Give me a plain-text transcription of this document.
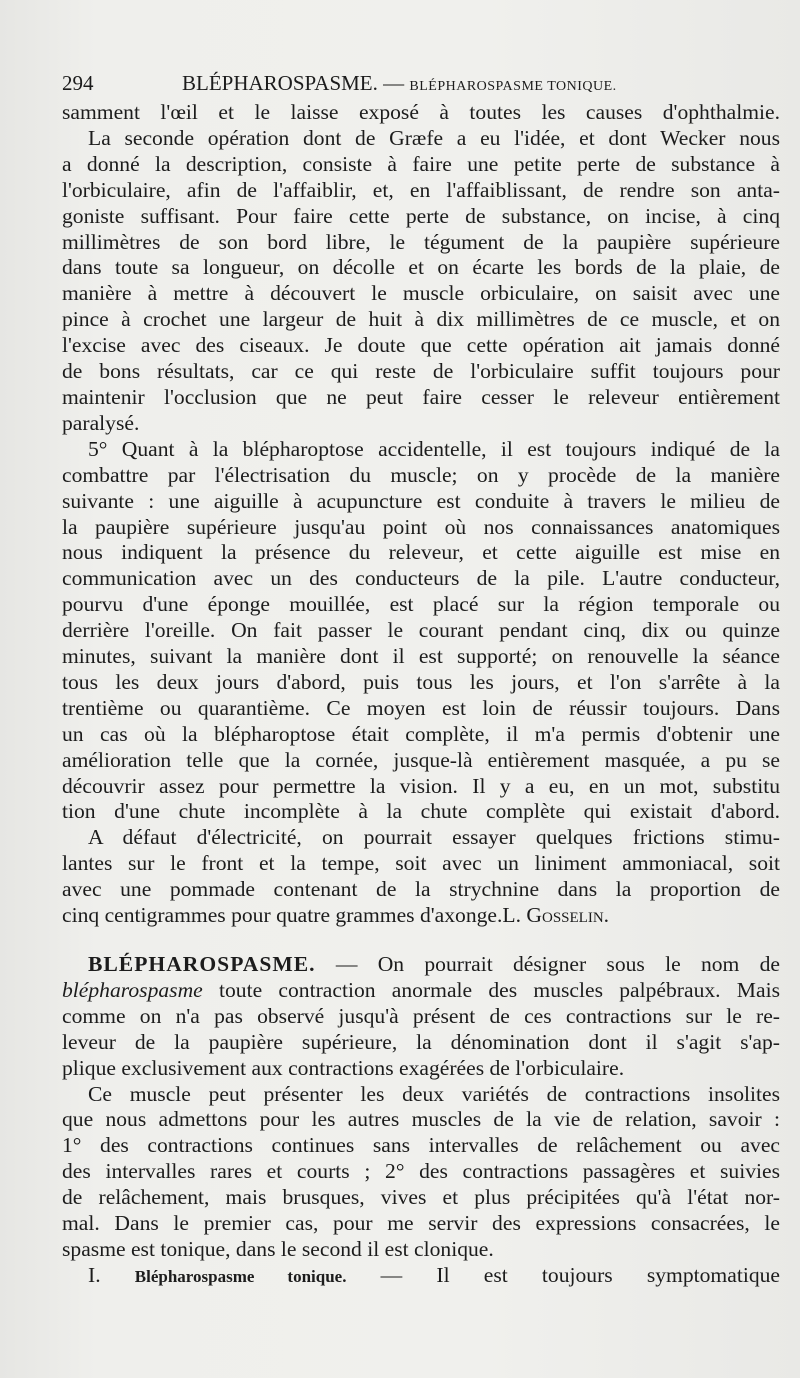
294	BLÉPHAROSPASME. — BLÉPHAROSPASME TONIQUE.
samment l'œil et le laisse exposé à toutes les causes d'ophthalmie.
La seconde opération dont de Græfe a eu l'idée, et dont Wecker nous
a donné la description, consiste à faire une petite perte de substance à
l'orbiculaire, afin de l'affaiblir, et, en l'affaiblissant, de rendre son anta-
goniste suffisant. Pour faire cette perte de substance, on incise, à cinq
millimètres de son bord libre, le tégument de la paupière supérieure
dans toute sa longueur, on décolle et on écarte les bords de la plaie, de
manière à mettre à découvert le muscle orbiculaire, on saisit avec une
pince à crochet une largeur de huit à dix millimètres de ce muscle, et on
l'excise avec des ciseaux. Je doute que cette opération ait jamais donné
de bons résultats, car ce qui reste de l'orbiculaire suffit toujours pour
maintenir l'occlusion que ne peut faire cesser le releveur entièrement
paralysé.
5° Quant à la blépharoptose accidentelle, il est toujours indiqué de la
combattre par l'électrisation du muscle; on y procède de la manière
suivante : une aiguille à acupuncture est conduite à travers le milieu de
la paupière supérieure jusqu'au point où nos connaissances anatomiques
nous indiquent la présence du releveur, et cette aiguille est mise en
communication avec un des conducteurs de la pile. L'autre conducteur,
pourvu d'une éponge mouillée, est placé sur la région temporale ou
derrière l'oreille. On fait passer le courant pendant cinq, dix ou quinze
minutes, suivant la manière dont il est supporté; on renouvelle la séance
tous les deux jours d'abord, puis tous les jours, et l'on s'arrête à la
trentième ou quarantième. Ce moyen est loin de réussir toujours. Dans
un cas où la blépharoptose était complète, il m'a permis d'obtenir une
amélioration telle que la cornée, jusque-là entièrement masquée, a pu se
découvrir assez pour permettre la vision. Il y a eu, en un mot, substitu
tion d'une chute incomplète à la chute complète qui existait d'abord.
A défaut d'électricité, on pourrait essayer quelques frictions stimu-
lantes sur le front et la tempe, soit avec un liniment ammoniacal, soit
avec une pommade contenant de la strychnine dans la proportion de
cinq centigrammes pour quatre grammes d'axonge.L. Gosselin.
BLÉPHAROSPASME. — On pourrait désigner sous le nom de
blépharospasme toute contraction anormale des muscles palpébraux. Mais
comme on n'a pas observé jusqu'à présent de ces contractions sur le re-
leveur de la paupière supérieure, la dénomination dont il s'agit s'ap-
plique exclusivement aux contractions exagérées de l'orbiculaire.
Ce muscle peut présenter les deux variétés de contractions insolites
que nous admettons pour les autres muscles de la vie de relation, savoir :
1° des contractions continues sans intervalles de relâchement ou avec
des intervalles rares et courts ; 2° des contractions passagères et suivies
de relâchement, mais brusques, vives et plus précipitées qu'à l'état nor-
mal. Dans le premier cas, pour me servir des expressions consacrées, le
spasme est tonique, dans le second il est clonique.
I. Blépharospasme tonique. — Il est toujours symptomatique
